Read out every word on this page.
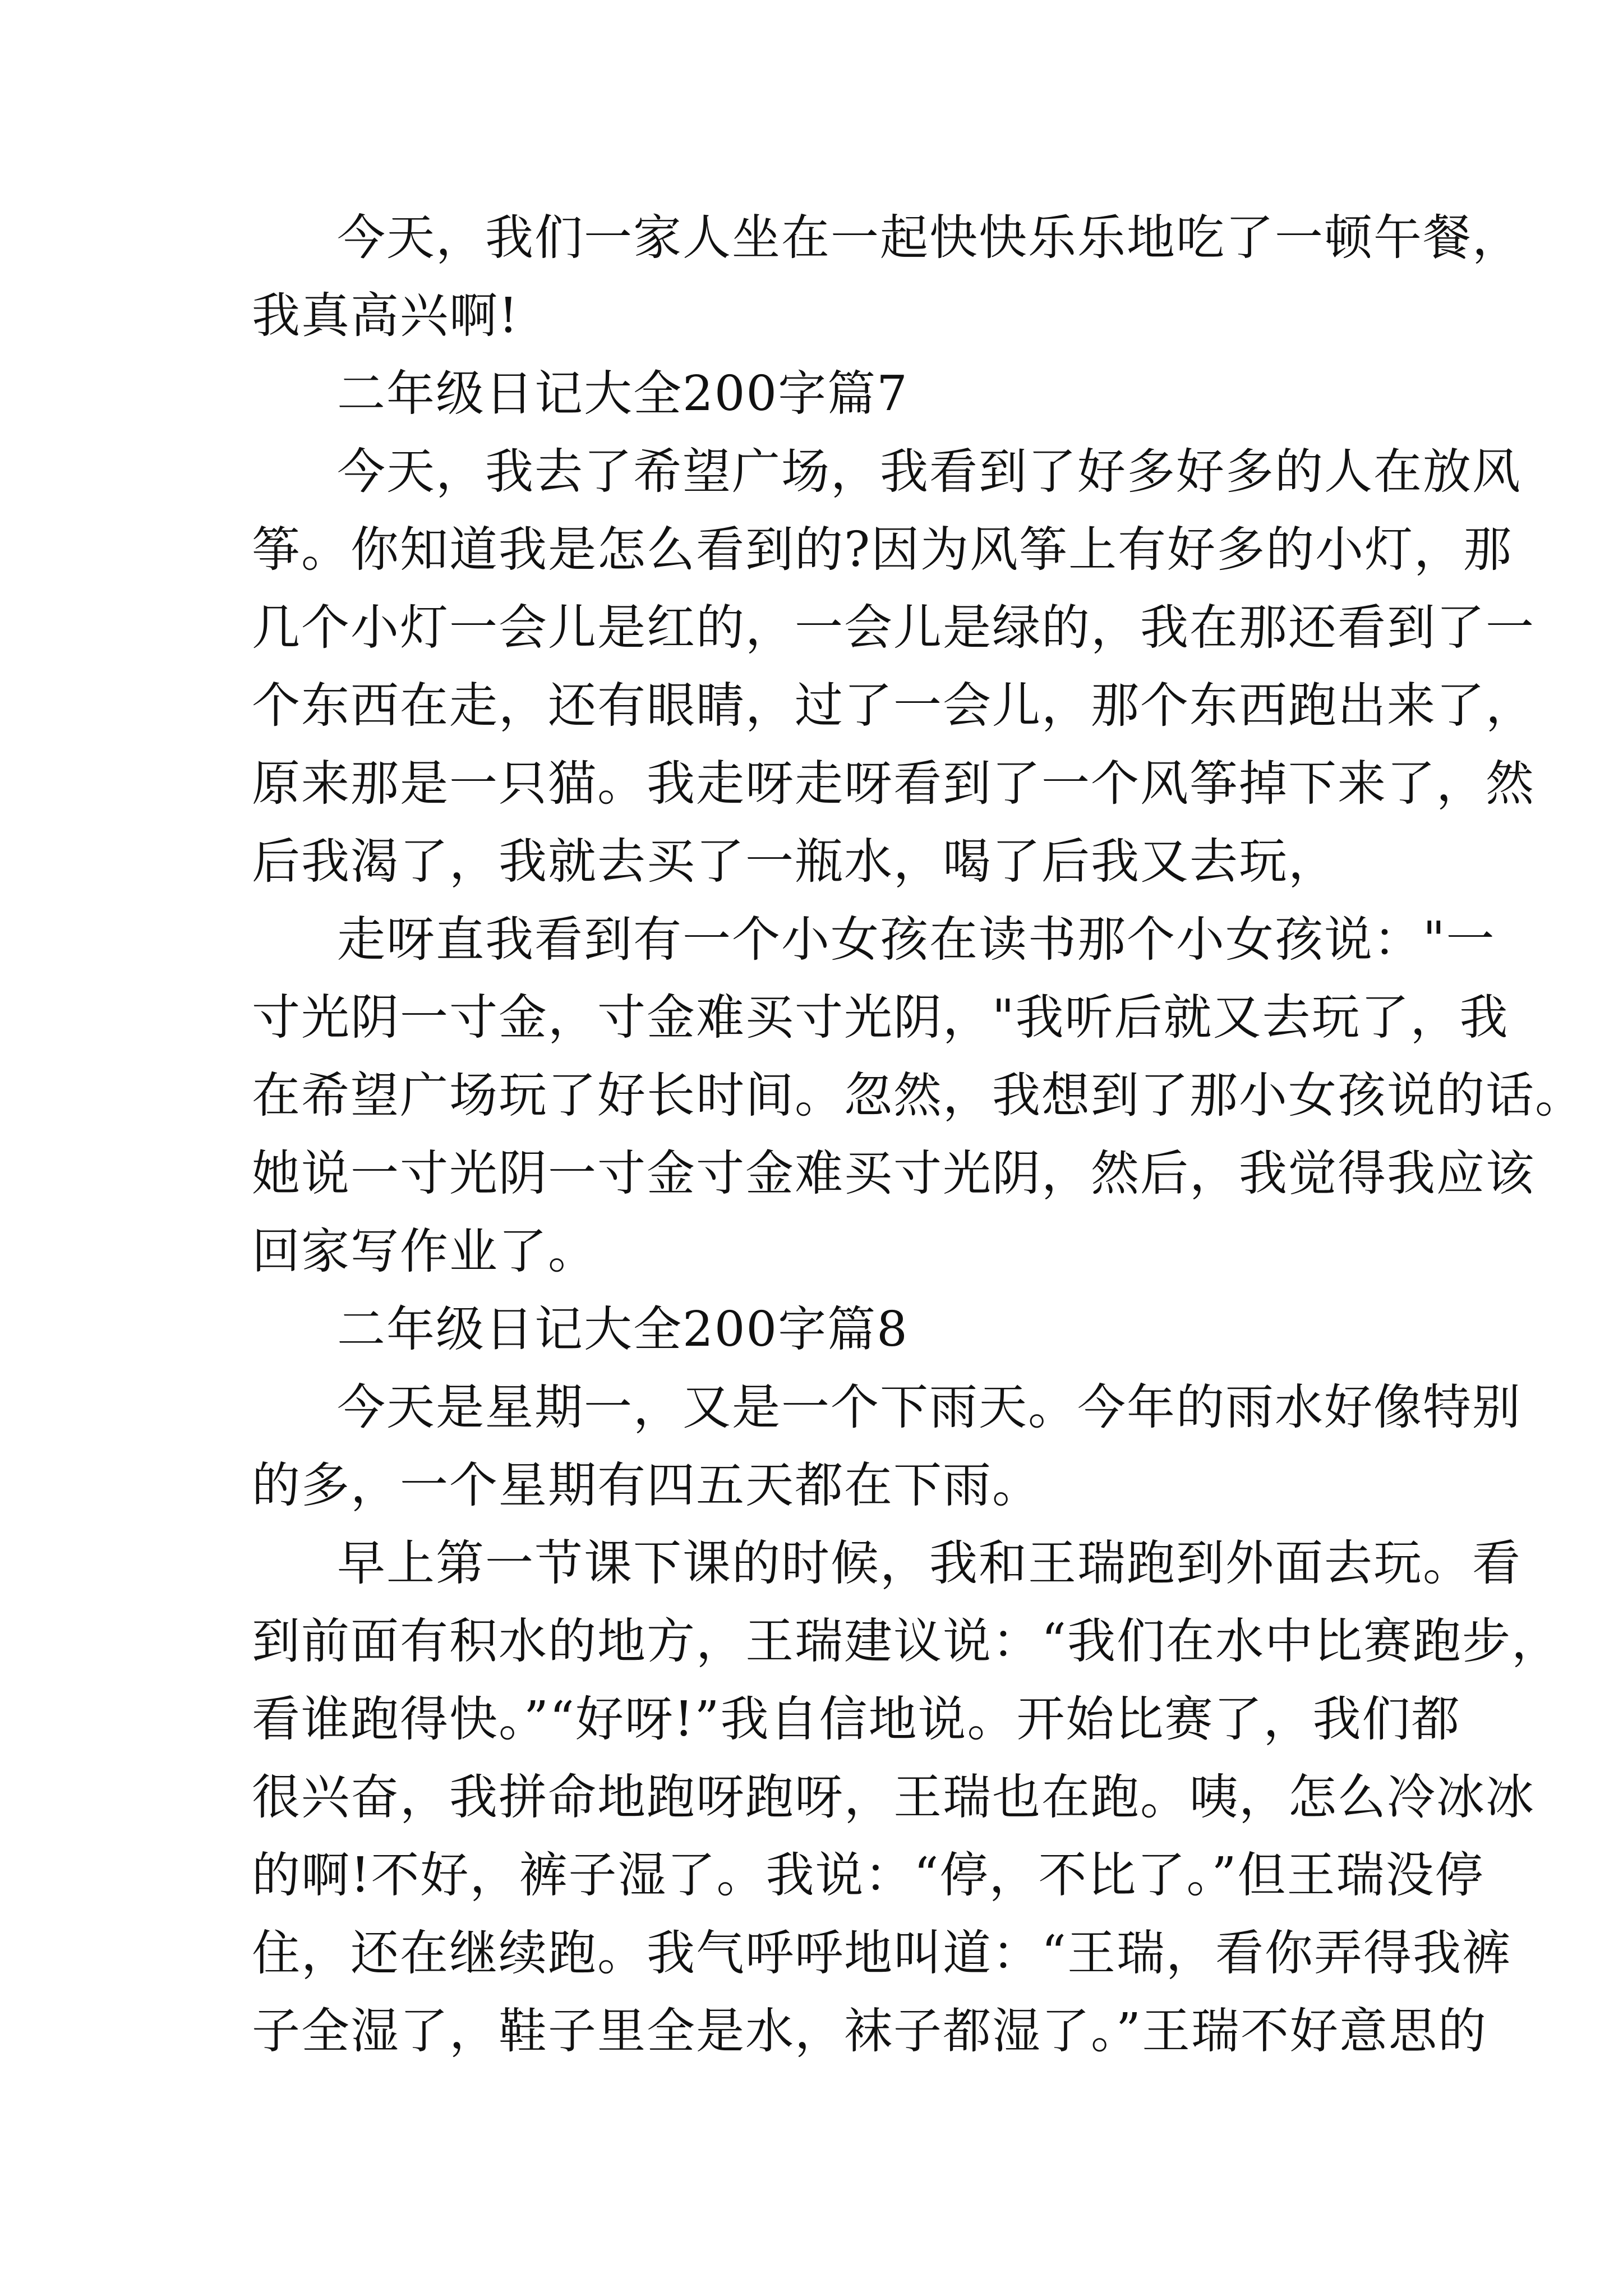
今天，我们一家人坐在一起快快乐乐地吃了一顿午餐，
我真高兴啊!
二年级日记大全200字篇7
今天，我去了希望广场，我看到了好多好多的人在放风
筝。你知道我是怎么看到的?因为风筝上有好多的小灯，那
几个小灯一会儿是红的，一会儿是绿的，我在那还看到了一
个东西在走，还有眼睛，过了一会儿，那个东西跑出来了，
原来那是一只猫。我走呀走呀看到了一个风筝掉下来了，然
后我渴了，我就去买了一瓶水，喝了后我又去玩，
走呀直我看到有一个小女孩在读书那个小女孩说："一
寸光阴一寸金，寸金难买寸光阴，"我听后就又去玩了，我
在希望广场玩了好长时间。忽然，我想到了那小女孩说的话。
她说一寸光阴一寸金寸金难买寸光阴，然后，我觉得我应该
回家写作业了。
二年级日记大全200字篇8
今天是星期一，又是一个下雨天。今年的雨水好像特别
的多，一个星期有四五天都在下雨。
早上第一节课下课的时候，我和王瑞跑到外面去玩。看
到前面有积水的地方，王瑞建议说：“我们在水中比赛跑步，
看谁跑得快。”“好呀!”我自信地说。开始比赛了，我们都
很兴奋，我拼命地跑呀跑呀，王瑞也在跑。咦，怎么冷冰冰
的啊!不好，裤子湿了。我说：“停，不比了。”但王瑞没停
住，还在继续跑。我气呼呼地叫道：“王瑞，看你弄得我裤
子全湿了，鞋子里全是水，袜子都湿了。”王瑞不好意思的
